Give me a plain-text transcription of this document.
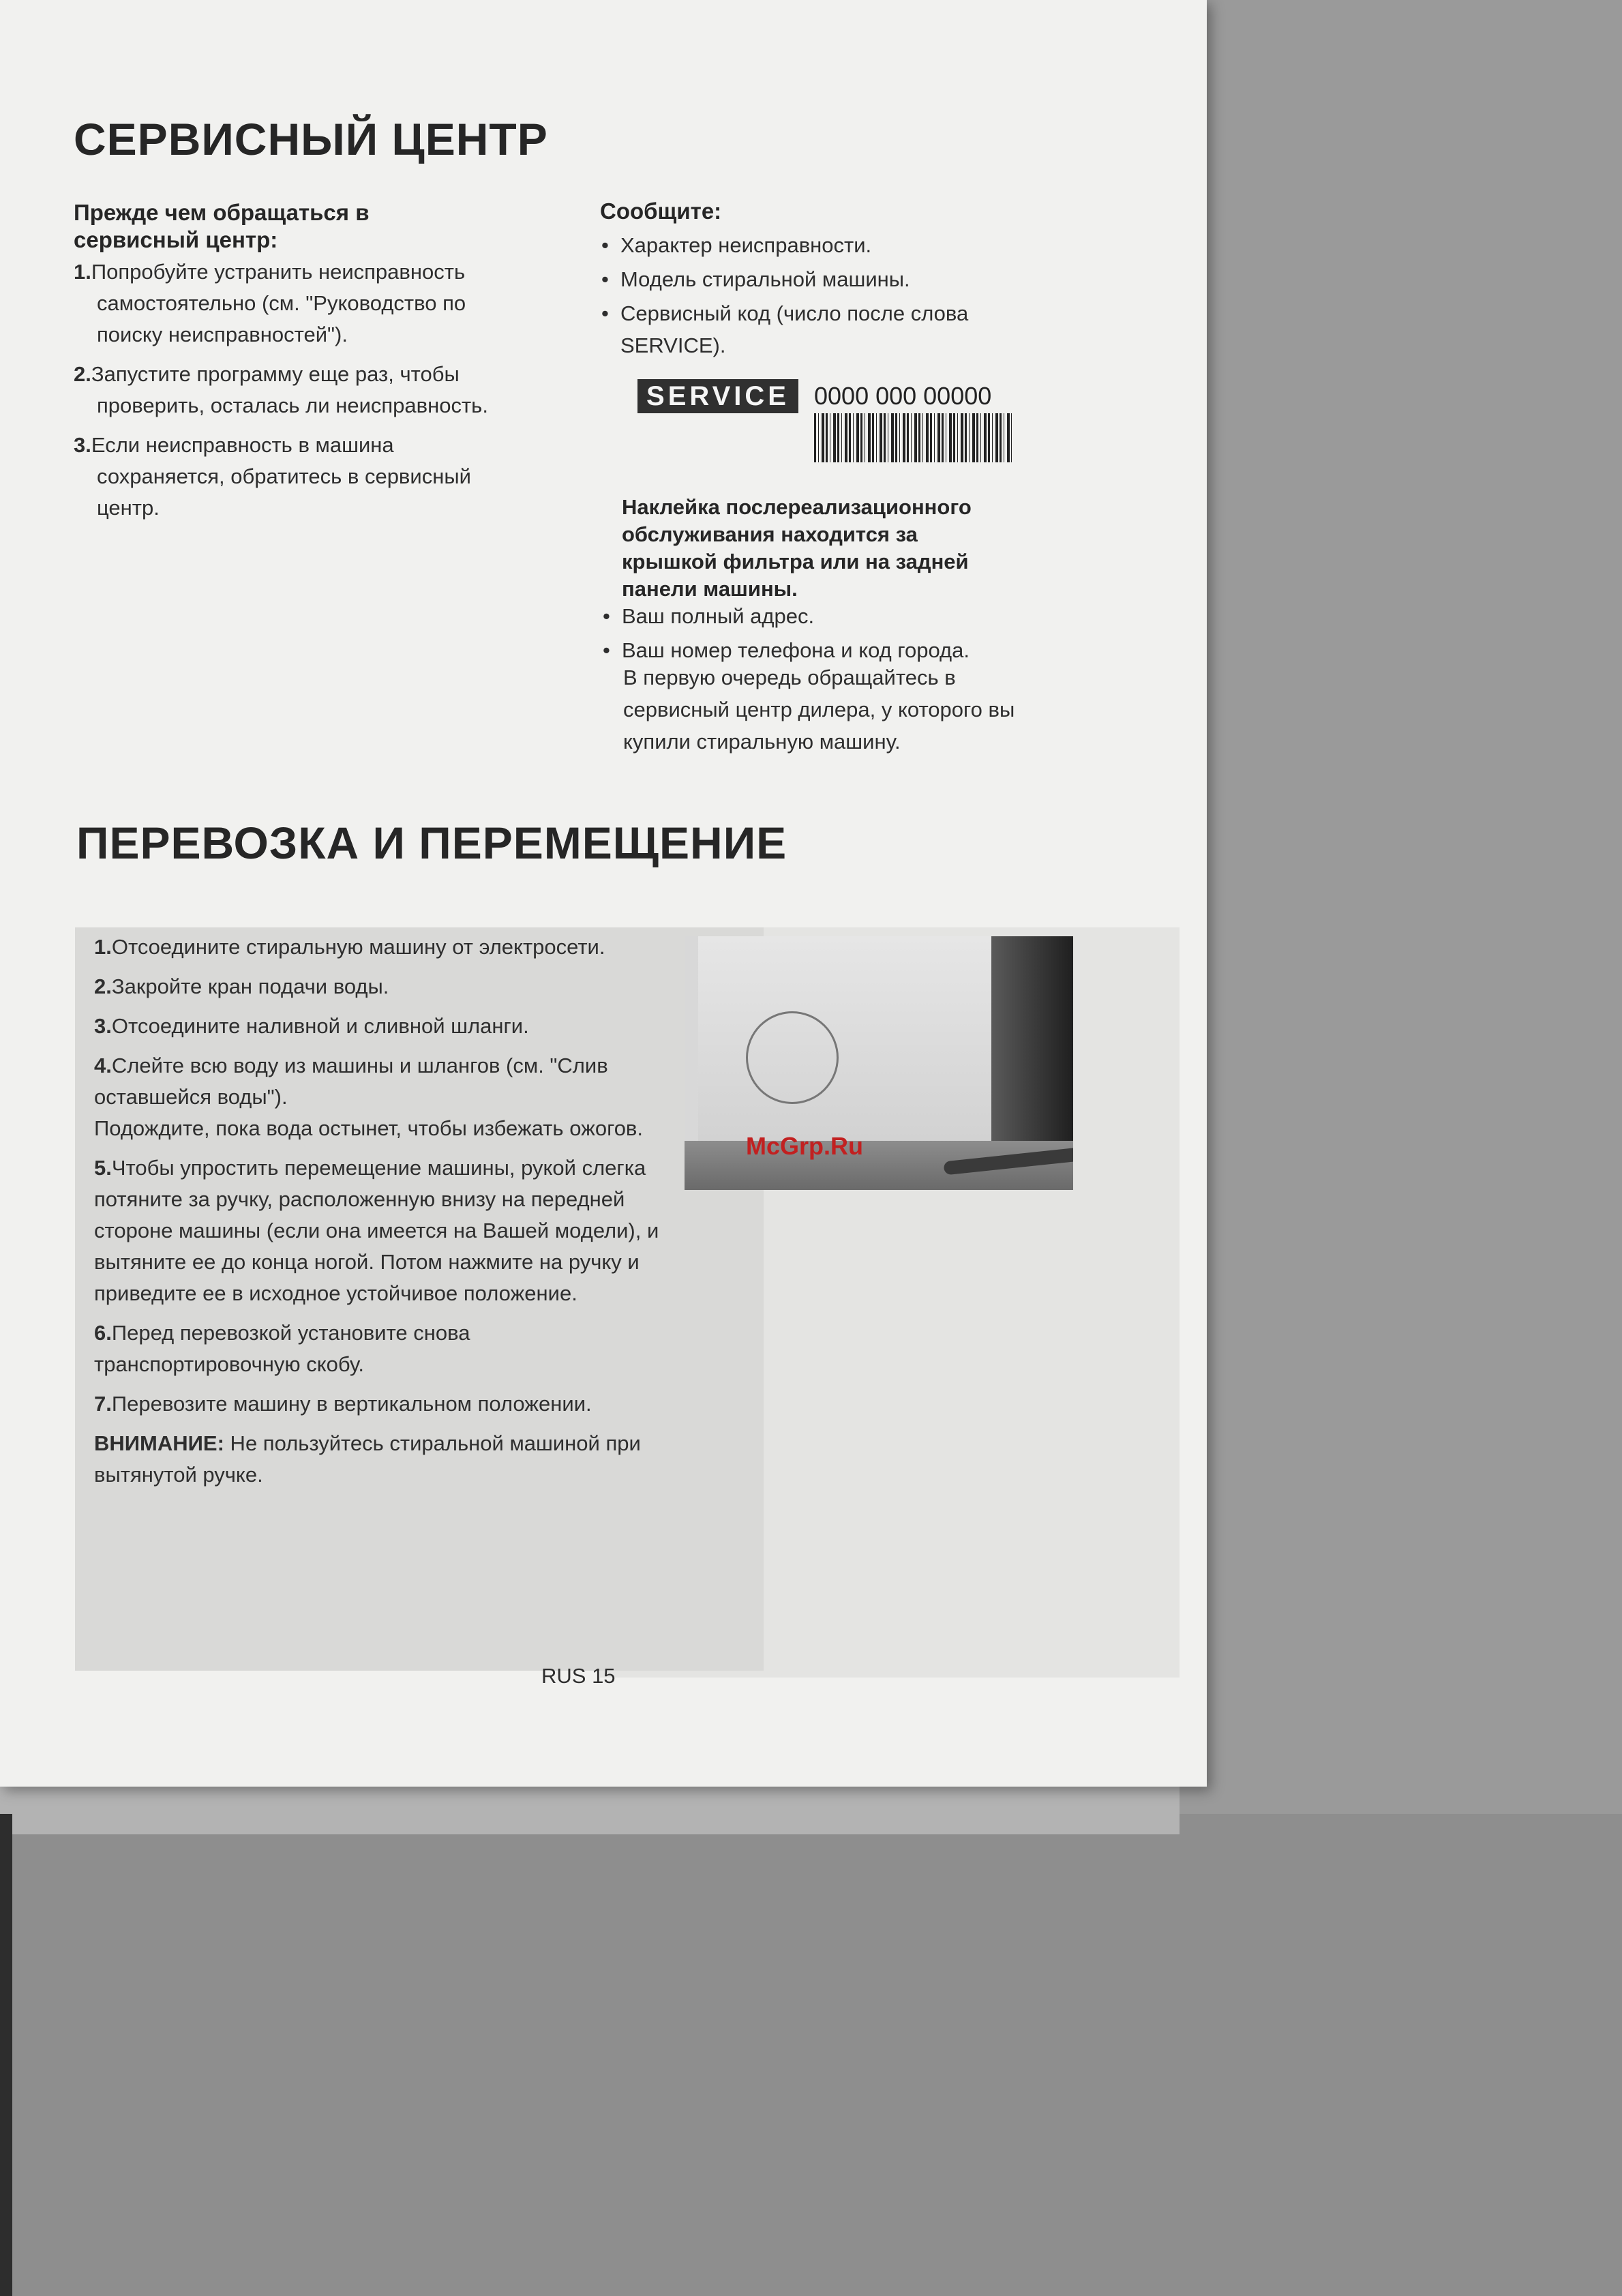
СЕРВИСНЫЙ ЦЕНТР
Прежде чем обращаться в
сервисный центр:
1.Попробуйте устранить неисправность
самостоятельно (см. "Руководство по
поиску неисправностей").
2.Запустите программу еще раз, чтобы
проверить, осталась ли неисправность.
3.Если неисправность в машина
сохраняется, обратитесь в сервисный
центр.
Сообщите:
• Характер неисправности.
• Модель стиральной машины.
• Сервисный код (число после слова SERVICE).
SERVICE	0000 000 00000
Наклейка послереализационного
обслуживания находится за
крышкой фильтра или на задней
панели машины.
• Ваш полный адрес.
• Ваш номер телефона и код города.
В первую очередь обращайтесь в
сервисный центр дилера, у которого вы
купили стиральную машину.
ПЕРЕВОЗКА И ПЕРЕМЕЩЕНИЕ
1.Отсоедините стиральную машину от электросети.
2.Закройте кран подачи воды.
3.Отсоедините наливной и сливной шланги.
4.Слейте всю воду из машины и шлангов (см. "Слив оставшейся воды").
Подождите, пока вода остынет, чтобы избежать ожогов.
5.Чтобы упростить перемещение машины, рукой слегка потяните за ручку, расположенную внизу на передней стороне машины (если она имеется на Вашей модели), и вытяните ее до конца ногой. Потом нажмите на ручку и приведите ее в исходное устойчивое положение.
6.Перед перевозкой установите снова транспортировочную скобу.
7.Перевозите машину в вертикальном положении.
ВНИМАНИЕ: Не пользуйтесь стиральной машиной при вытянутой ручке.
McGrp.Ru
RUS 15
